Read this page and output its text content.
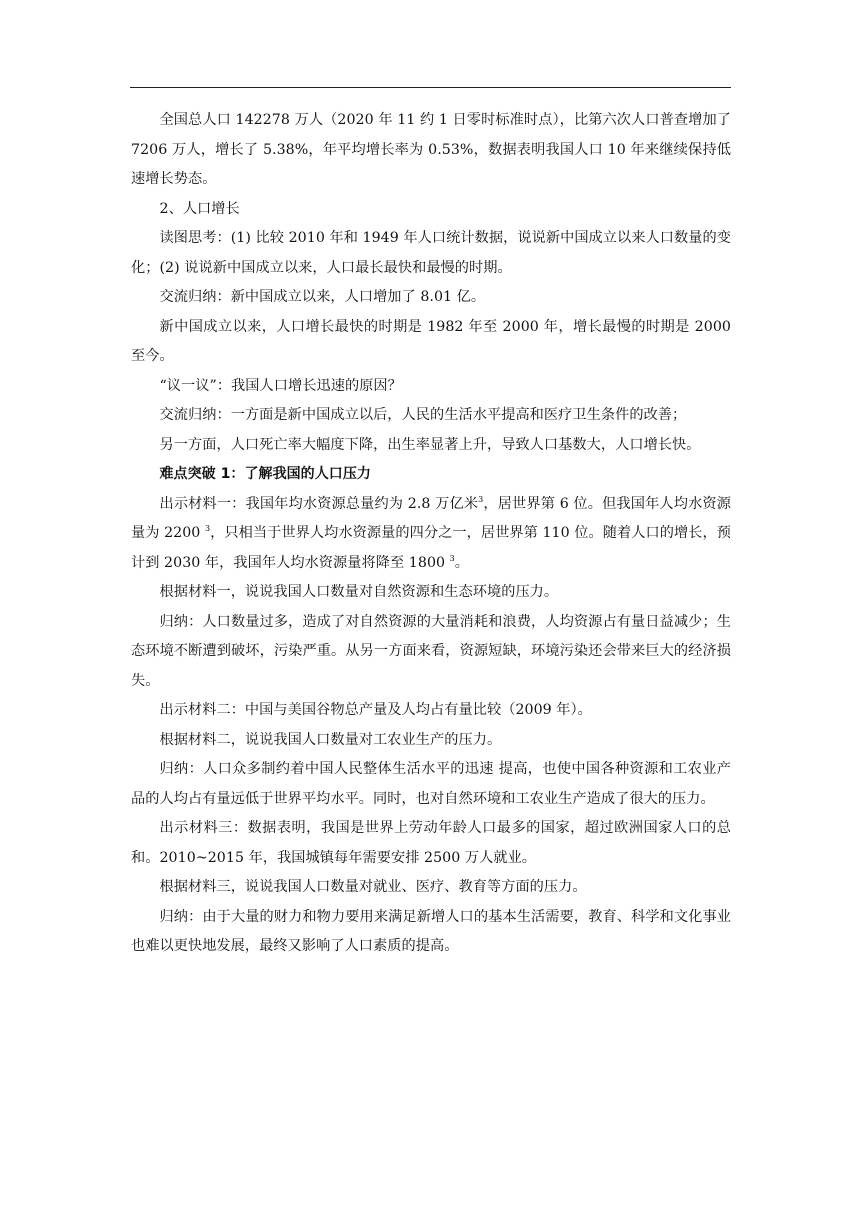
全国总人口 142278 万人（2020 年 11 约 1 日零时标准时点），比第六次人口普查增加了 7206 万人，增长了 5.38%，年平均增长率为 0.53%，数据表明我国人口 10 年来继续保持低速增长势态。

2、人口增长

读图思考：(1) 比较 2010 年和 1949 年人口统计数据，说说新中国成立以来人口数量的变化；(2) 说说新中国成立以来，人口最长最快和最慢的时期。

交流归纳：新中国成立以来，人口增加了 8.01 亿。

新中国成立以来，人口增长最快的时期是 1982 年至 2000 年，增长最慢的时期是 2000 至今。

“议一议”：我国人口增长迅速的原因？

交流归纳：一方面是新中国成立以后，人民的生活水平提高和医疗卫生条件的改善；

另一方面，人口死亡率大幅度下降，出生率显著上升，导致人口基数大，人口增长快。

难点突破 1：了解我国的人口压力

出示材料一：我国年均水资源总量约为 2.8 万亿米$^3$，居世界第 6 位。但我国年人均水资源量为 2200 $^3$，只相当于世界人均水资源量的四分之一，居世界第 110 位。随着人口的增长，预计到 2030 年，我国年人均水资源量将降至 1800 $^3$。

根据材料一，说说我国人口数量对自然资源和生态环境的压力。

归纳：人口数量过多，造成了对自然资源的大量消耗和浪费，人均资源占有量日益减少；生态环境不断遭到破坏，污染严重。从另一方面来看，资源短缺，环境污染还会带来巨大的经济损失。

出示材料二：中国与美国谷物总产量及人均占有量比较（2009 年）。

根据材料二，说说我国人口数量对工农业生产的压力。

归纳：人口众多制约着中国人民整体生活水平的迅速 提高，也使中国各种资源和工农业产品的人均占有量远低于世界平均水平。同时，也对自然环境和工农业生产造成了很大的压力。

出示材料三：数据表明，我国是世界上劳动年龄人口最多的国家，超过欧洲国家人口的总和。2010~2015 年，我国城镇每年需要安排 2500 万人就业。

根据材料三，说说我国人口数量对就业、医疗、教育等方面的压力。

归纳：由于大量的财力和物力要用来满足新增人口的基本生活需要，教育、科学和文化事业也难以更快地发展，最终又影响了人口素质的提高。
